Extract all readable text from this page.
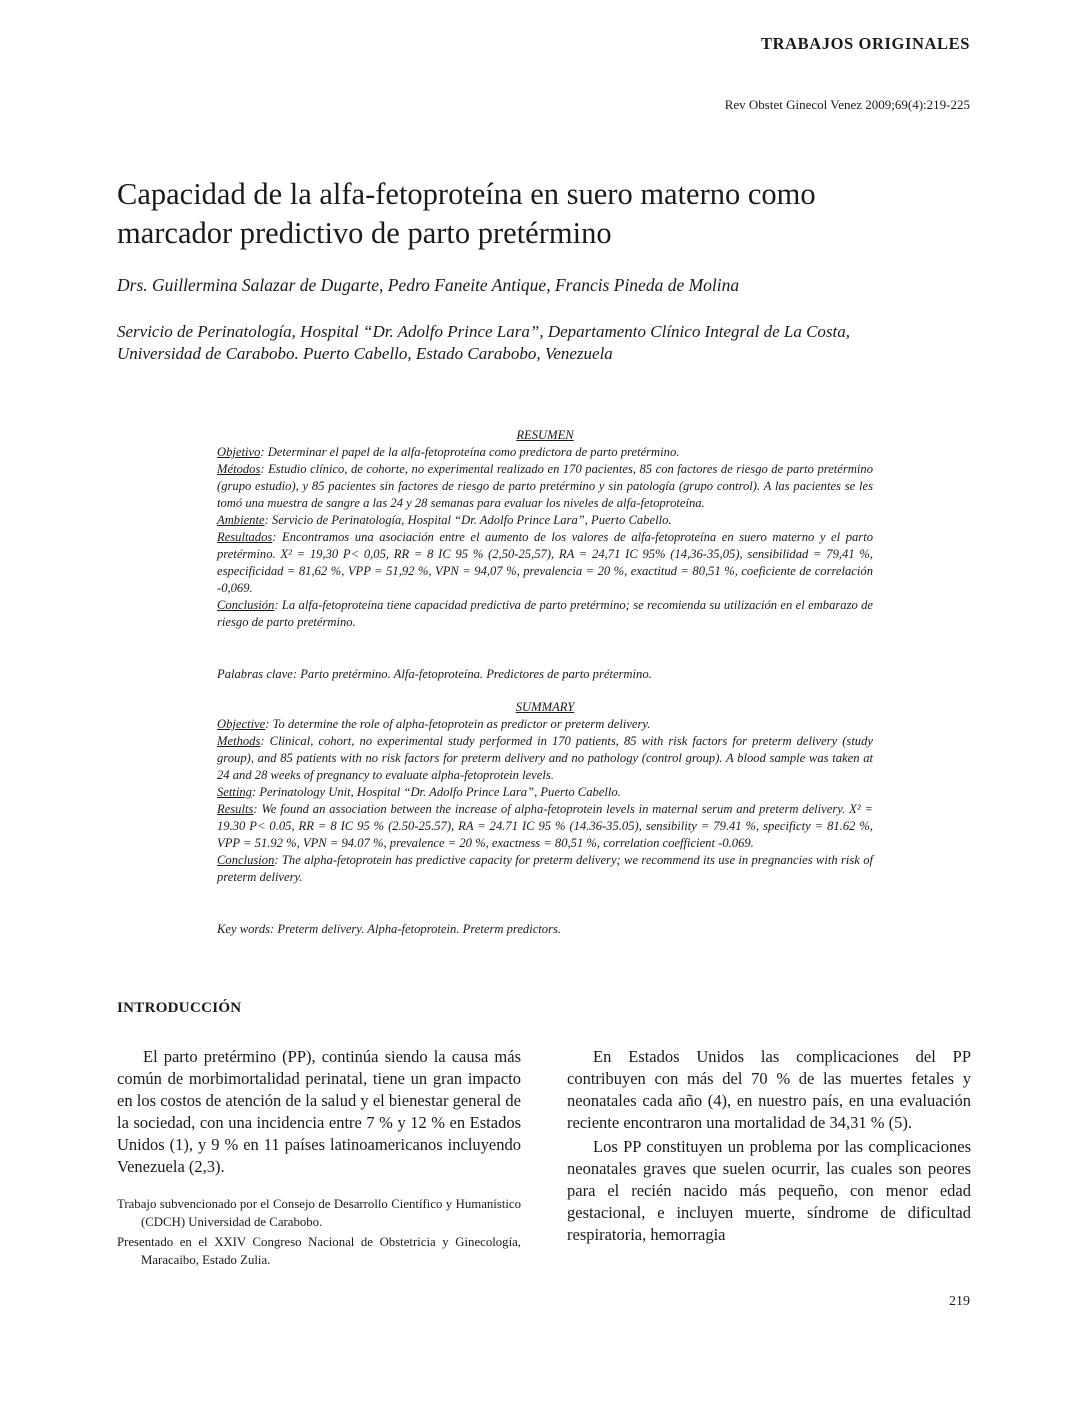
TRABAJOS ORIGINALES
Rev Obstet Ginecol Venez 2009;69(4):219-225
Capacidad de la alfa-fetoproteína en suero materno como
marcador predictivo de parto pretérmino
Drs. Guillermina Salazar de Dugarte, Pedro Faneite Antique, Francis Pineda de Molina
Servicio de Perinatología, Hospital “Dr. Adolfo Prince Lara”, Departamento Clínico Integral de La Costa,
Universidad de Carabobo. Puerto Cabello, Estado Carabobo, Venezuela

RESUMEN

Objetivo: Determinar el papel de la alfa-fetoproteína como predictora de parto pretérmino.

Métodos: Estudio clínico, de cohorte, no experimental realizado en 170 pacientes, 85 con factores de riesgo de parto pretérmino (grupo estudio), y 85 pacientes sin factores de riesgo de parto pretérmino y sin patología (grupo control). A las pacientes se les tomó una muestra de sangre a las 24 y 28 semanas para evaluar los niveles de alfa-fetoproteína.

Ambiente: Servicio de Perinatología, Hospital “Dr. Adolfo Prince Lara”, Puerto Cabello.

Resultados: Encontramos una asociación entre el aumento de los valores de alfa-fetoproteína en suero materno y el parto pretérmino. X² = 19,30 P< 0,05, RR = 8 IC 95 % (2,50-25,57), RA = 24,71 IC 95% (14,36-35,05), sensibilidad = 79,41 %, especificidad = 81,62 %, VPP = 51,92 %, VPN = 94,07 %, prevalencia = 20 %, exactitud = 80,51 %, coeficiente de correlación -0,069.

Conclusión: La alfa-fetoproteína tiene capacidad predictiva de parto pretérmino; se recomienda su utilización en el embarazo de riesgo de parto pretérmino.

Palabras clave: Parto pretérmino. Alfa-fetoproteína. Predictores de parto prétermino.

SUMMARY

Objective: To determine the role of alpha-fetoprotein as predictor or preterm delivery.

Methods: Clinical, cohort, no experimental study performed in 170 patients, 85 with risk factors for preterm delivery (study group), and 85 patients with no risk factors for preterm delivery and no pathology (control group). A blood sample was taken at 24 and 28 weeks of pregnancy to evaluate alpha-fetoprotein levels.

Setting: Perinatology Unit, Hospital “Dr. Adolfo Prince Lara”, Puerto Cabello.

Results: We found an association between the increase of alpha-fetoprotein levels in maternal serum and preterm delivery. X² = 19.30 P< 0.05, RR = 8 IC 95 % (2.50-25.57), RA = 24.71 IC 95 % (14.36-35.05), sensibility = 79.41 %, specificty = 81.62 %, VPP = 51.92 %, VPN = 94.07 %, prevalence = 20 %, exactness = 80,51 %, correlation coefficient -0.069.

Conclusion: The alpha-fetoprotein has predictive capacity for preterm delivery; we recommend its use in pregnancies with risk of preterm delivery.

Key words: Preterm delivery. Alpha-fetoprotein. Preterm predictors.
INTRODUCCIÓN

El parto pretérmino (PP), continúa siendo la causa más común de morbimortalidad perinatal, tiene un gran impacto en los costos de atención de la salud y el bienestar general de la sociedad, con una incidencia entre 7 % y 12 % en Estados Unidos (1), y 9 % en 11 países latinoamericanos incluyendo Venezuela (2,3).

Trabajo subvencionado por el Consejo de Desarrollo Científico y Humanístico (CDCH) Universidad de Carabobo.

Presentado en el XXIV Congreso Nacional de Obstetricia y Ginecología, Maracaibo, Estado Zulia.

En Estados Unidos las complicaciones del PP contribuyen con más del 70 % de las muertes fetales y neonatales cada año (4), en nuestro país, en una evaluación reciente encontraron una mortalidad de 34,31 % (5).

Los PP constituyen un problema por las complicaciones neonatales graves que suelen ocurrir, las cuales son peores para el recién nacido más pequeño, con menor edad gestacional, e incluyen muerte, síndrome de dificultad respiratoria, hemorragia

219
